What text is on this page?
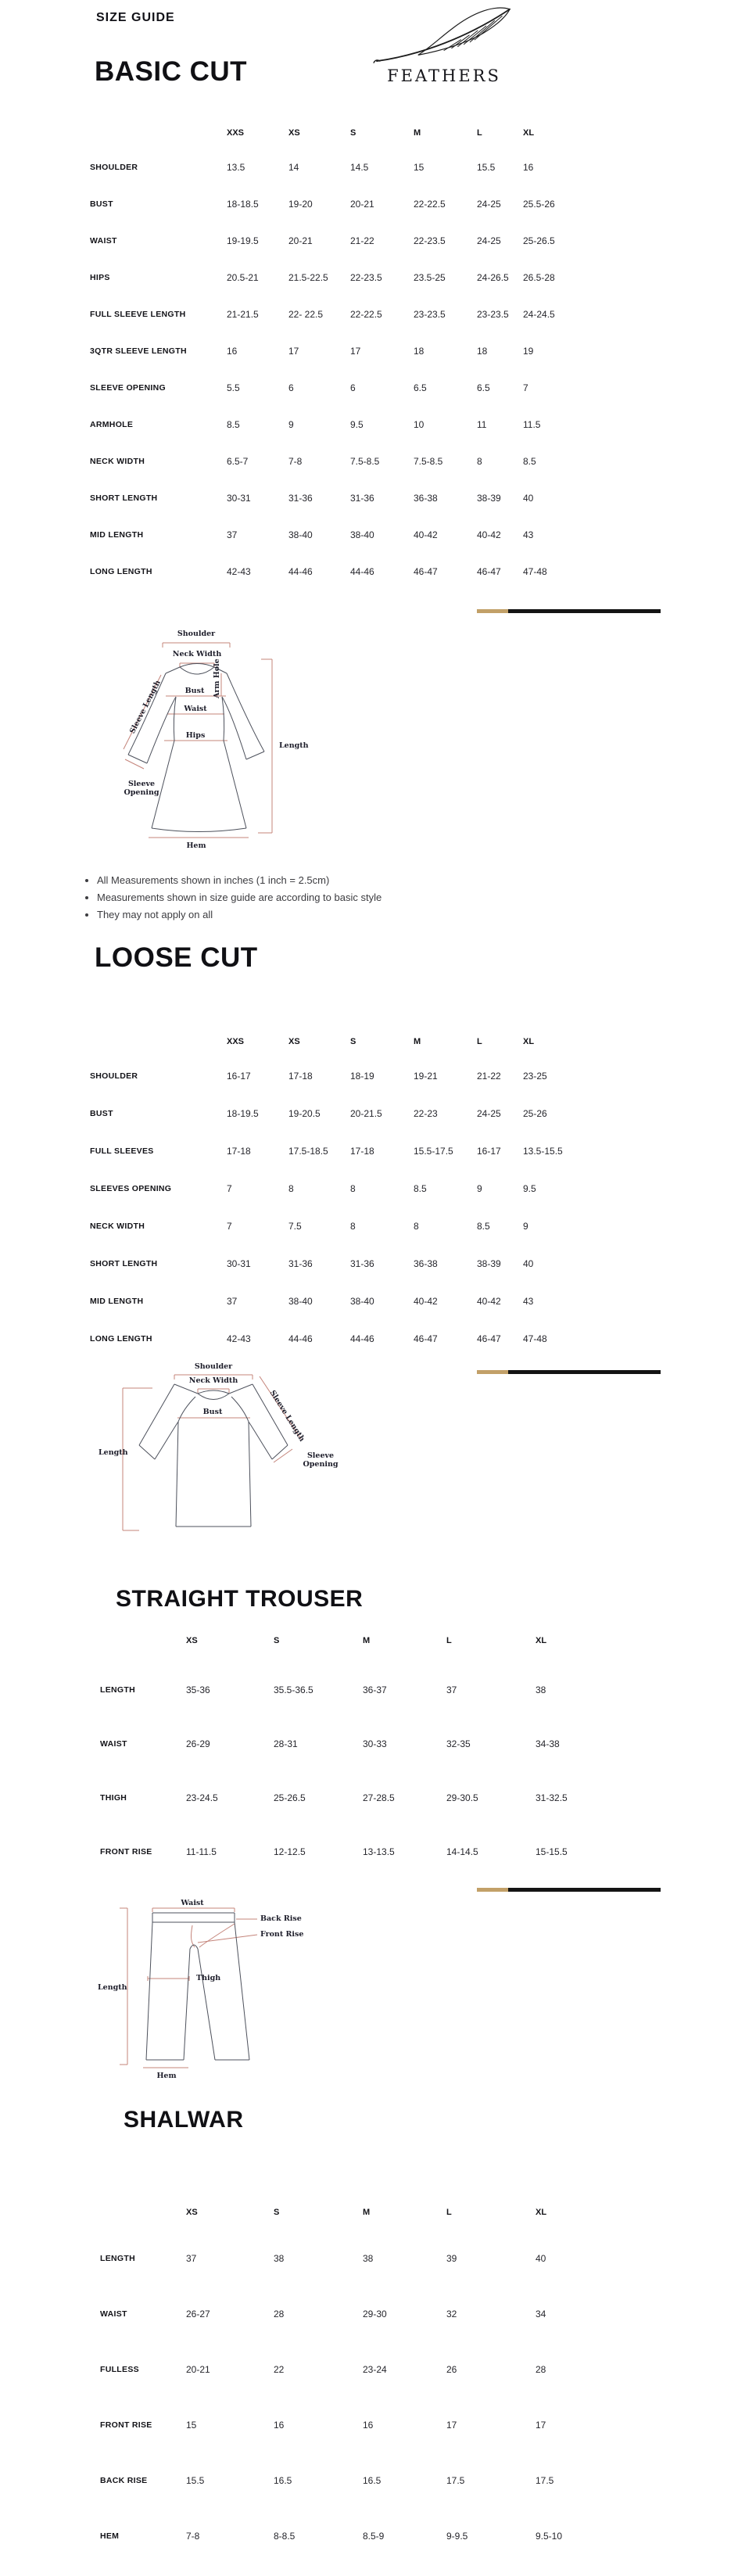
SIZE GUIDE
FEATHERS
BASIC CUT
XXS	XS	S	M	L	XL
SHOULDER	13.5	14	14.5	15	15.5	16
BUST	18-18.5	19-20	20-21	22-22.5	24-25	25.5-26
WAIST	19-19.5	20-21	21-22	22-23.5	24-25	25-26.5
HIPS	20.5-21	21.5-22.5	22-23.5	23.5-25	24-26.5	26.5-28
FULL SLEEVE LENGTH	21-21.5	22- 22.5	22-22.5	23-23.5	23-23.5	24-24.5
3QTR SLEEVE LENGTH	16	17	17	18	18	19
SLEEVE OPENING	5.5	6	6	6.5	6.5	7
ARMHOLE	8.5	9	9.5	10	11	11.5
NECK WIDTH	6.5-7	7-8	7.5-8.5	7.5-8.5	8	8.5
SHORT LENGTH	30-31	31-36	31-36	36-38	38-39	40
MID LENGTH	37	38-40	38-40	40-42	40-42	43
LONG LENGTH	42-43	44-46	44-46	46-47	46-47	47-48
Shoulder
Neck Width
Arm Hole
Bust
Waist
Hips
Sleeve Length
Length
Sleeve Opening
Hem
• All Measurements shown in inches (1 inch = 2.5cm)
• Measurements shown in size guide are according to basic style
• They may not apply on all
LOOSE CUT
XXS	XS	S	M	L	XL
SHOULDER	16-17	17-18	18-19	19-21	21-22	23-25
BUST	18-19.5	19-20.5	20-21.5	22-23	24-25	25-26
FULL SLEEVES	17-18	17.5-18.5	17-18	15.5-17.5	16-17	13.5-15.5
SLEEVES OPENING	7	8	8	8.5	9	9.5
NECK WIDTH	7	7.5	8	8	8.5	9
SHORT LENGTH	30-31	31-36	31-36	36-38	38-39	40
MID LENGTH	37	38-40	38-40	40-42	40-42	43
LONG LENGTH	42-43	44-46	44-46	46-47	46-47	47-48
Shoulder
Neck Width
Bust
Length
Sleeve Length
Sleeve Opening
STRAIGHT TROUSER
XS	S	M	L	XL
LENGTH	35-36	35.5-36.5	36-37	37	38
WAIST	26-29	28-31	30-33	32-35	34-38
THIGH	23-24.5	25-26.5	27-28.5	29-30.5	31-32.5
FRONT RISE	11-11.5	12-12.5	13-13.5	14-14.5	15-15.5
Waist
Back Rise
Front Rise
Thigh
Length
Hem
SHALWAR
XS	S	M	L	XL
LENGTH	37	38	38	39	40
WAIST	26-27	28	29-30	32	34
FULLESS	20-21	22	23-24	26	28
FRONT RISE	15	16	16	17	17
BACK RISE	15.5	16.5	16.5	17.5	17.5
HEM	7-8	8-8.5	8.5-9	9-9.5	9.5-10
